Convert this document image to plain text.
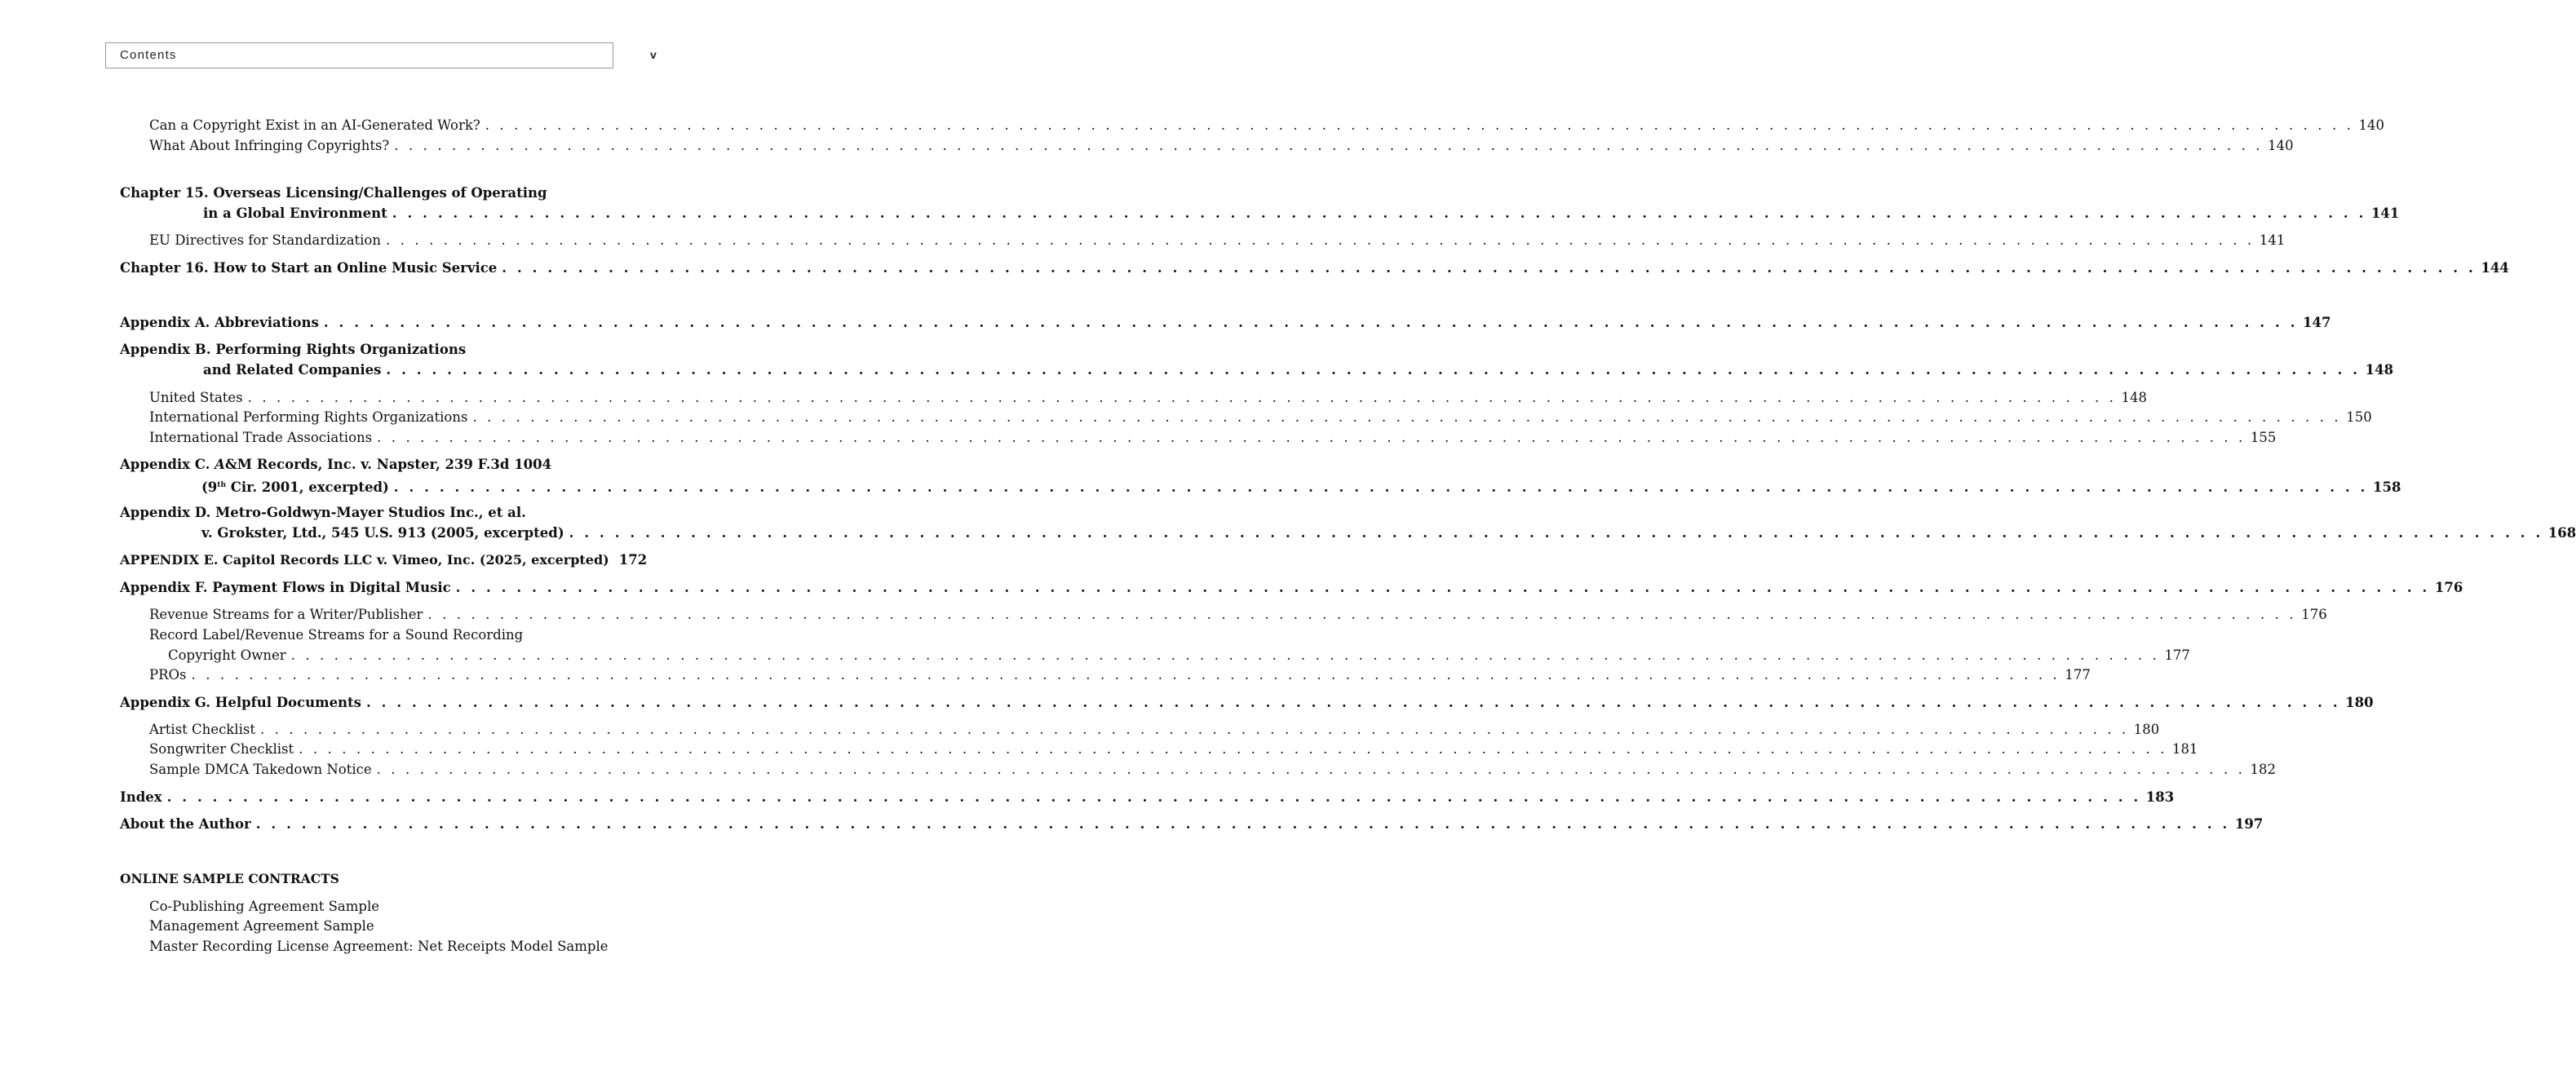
Contents	v
Can a Copyright Exist in an AI-Generated Work? . . .	140
What About Infringing Copyrights? . . .	140
Chapter 15. Overseas Licensing/Challenges of Operating
in a Global Environment . . .	141
EU Directives for Standardization . . .	141
Chapter 16. How to Start an Online Music Service . . .	144
Appendix A. Abbreviations . . .	147
Appendix B. Performing Rights Organizations
and Related Companies . . .	148
United States . . .	148
International Performing Rights Organizations . . .	150
International Trade Associations . . .	155
Appendix C. A&M Records, Inc. v. Napster, 239 F.3d 1004
(9th Cir. 2001, excerpted) . . .	158
Appendix D. Metro-Goldwyn-Mayer Studios Inc., et al.
v. Grokster, Ltd., 545 U.S. 913 (2005, excerpted) . . .	168
APPENDIX E. Capitol Records LLC v. Vimeo, Inc. (2025, excerpted) 172
Appendix F. Payment Flows in Digital Music . . .	176
Revenue Streams for a Writer/Publisher . . .	176
Record Label/Revenue Streams for a Sound Recording
Copyright Owner . . .	177
PROs . . .	177
Appendix G. Helpful Documents . . .	180
Artist Checklist . . .	180
Songwriter Checklist . . .	181
Sample DMCA Takedown Notice . . .	182
Index . . .	183
About the Author . . .	197
ONLINE SAMPLE CONTRACTS
Co-Publishing Agreement Sample
Management Agreement Sample
Master Recording License Agreement: Net Receipts Model Sample
